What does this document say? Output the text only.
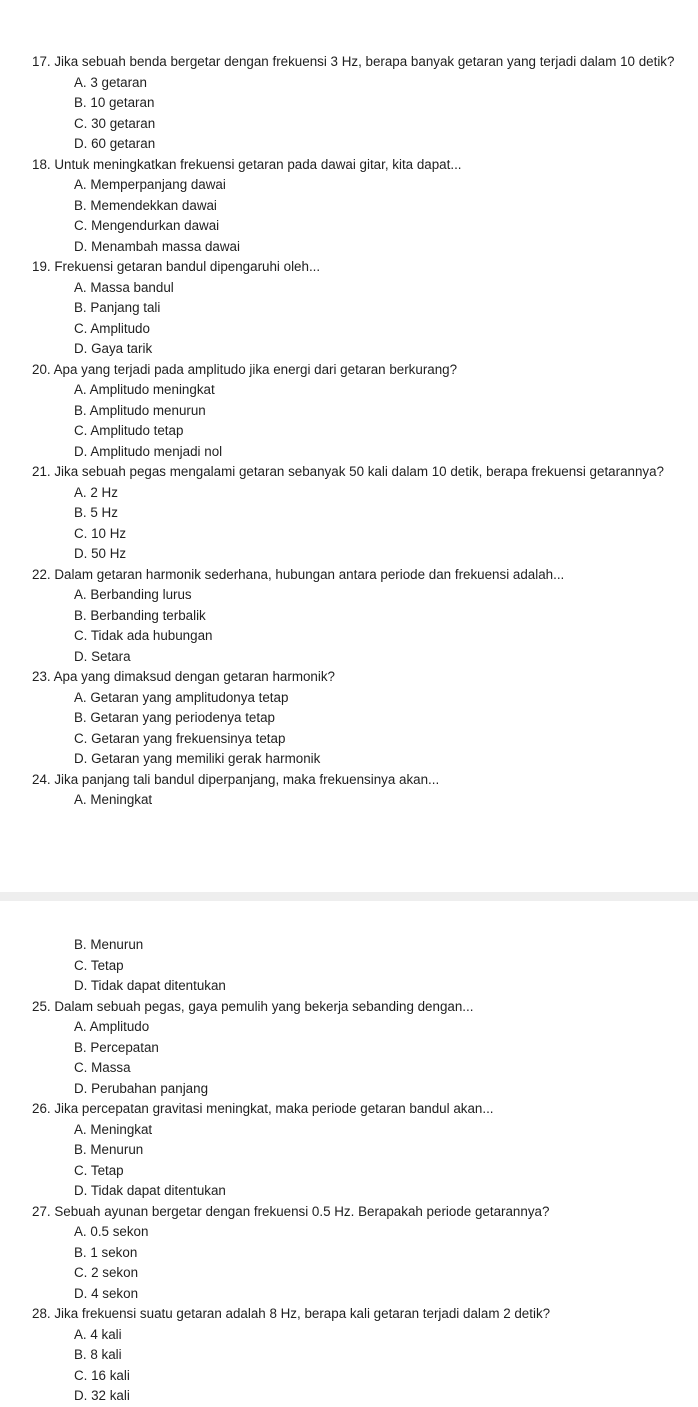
17. Jika sebuah benda bergetar dengan frekuensi 3 Hz, berapa banyak getaran yang terjadi dalam 10 detik?
A. 3 getaran
B. 10 getaran
C. 30 getaran
D. 60 getaran
18. Untuk meningkatkan frekuensi getaran pada dawai gitar, kita dapat...
A. Memperpanjang dawai
B. Memendekkan dawai
C. Mengendurkan dawai
D. Menambah massa dawai
19. Frekuensi getaran bandul dipengaruhi oleh...
A. Massa bandul
B. Panjang tali
C. Amplitudo
D. Gaya tarik
20. Apa yang terjadi pada amplitudo jika energi dari getaran berkurang?
A. Amplitudo meningkat
B. Amplitudo menurun
C. Amplitudo tetap
D. Amplitudo menjadi nol
21. Jika sebuah pegas mengalami getaran sebanyak 50 kali dalam 10 detik, berapa frekuensi getarannya?
A. 2 Hz
B. 5 Hz
C. 10 Hz
D. 50 Hz
22. Dalam getaran harmonik sederhana, hubungan antara periode dan frekuensi adalah...
A. Berbanding lurus
B. Berbanding terbalik
C. Tidak ada hubungan
D. Setara
23. Apa yang dimaksud dengan getaran harmonik?
A. Getaran yang amplitudonya tetap
B. Getaran yang periodenya tetap
C. Getaran yang frekuensinya tetap
D. Getaran yang memiliki gerak harmonik
24. Jika panjang tali bandul diperpanjang, maka frekuensinya akan...
A. Meningkat
B. Menurun
C. Tetap
D. Tidak dapat ditentukan
25. Dalam sebuah pegas, gaya pemulih yang bekerja sebanding dengan...
A. Amplitudo
B. Percepatan
C. Massa
D. Perubahan panjang
26. Jika percepatan gravitasi meningkat, maka periode getaran bandul akan...
A. Meningkat
B. Menurun
C. Tetap
D. Tidak dapat ditentukan
27. Sebuah ayunan bergetar dengan frekuensi 0.5 Hz. Berapakah periode getarannya?
A. 0.5 sekon
B. 1 sekon
C. 2 sekon
D. 4 sekon
28. Jika frekuensi suatu getaran adalah 8 Hz, berapa kali getaran terjadi dalam 2 detik?
A. 4 kali
B. 8 kali
C. 16 kali
D. 32 kali
